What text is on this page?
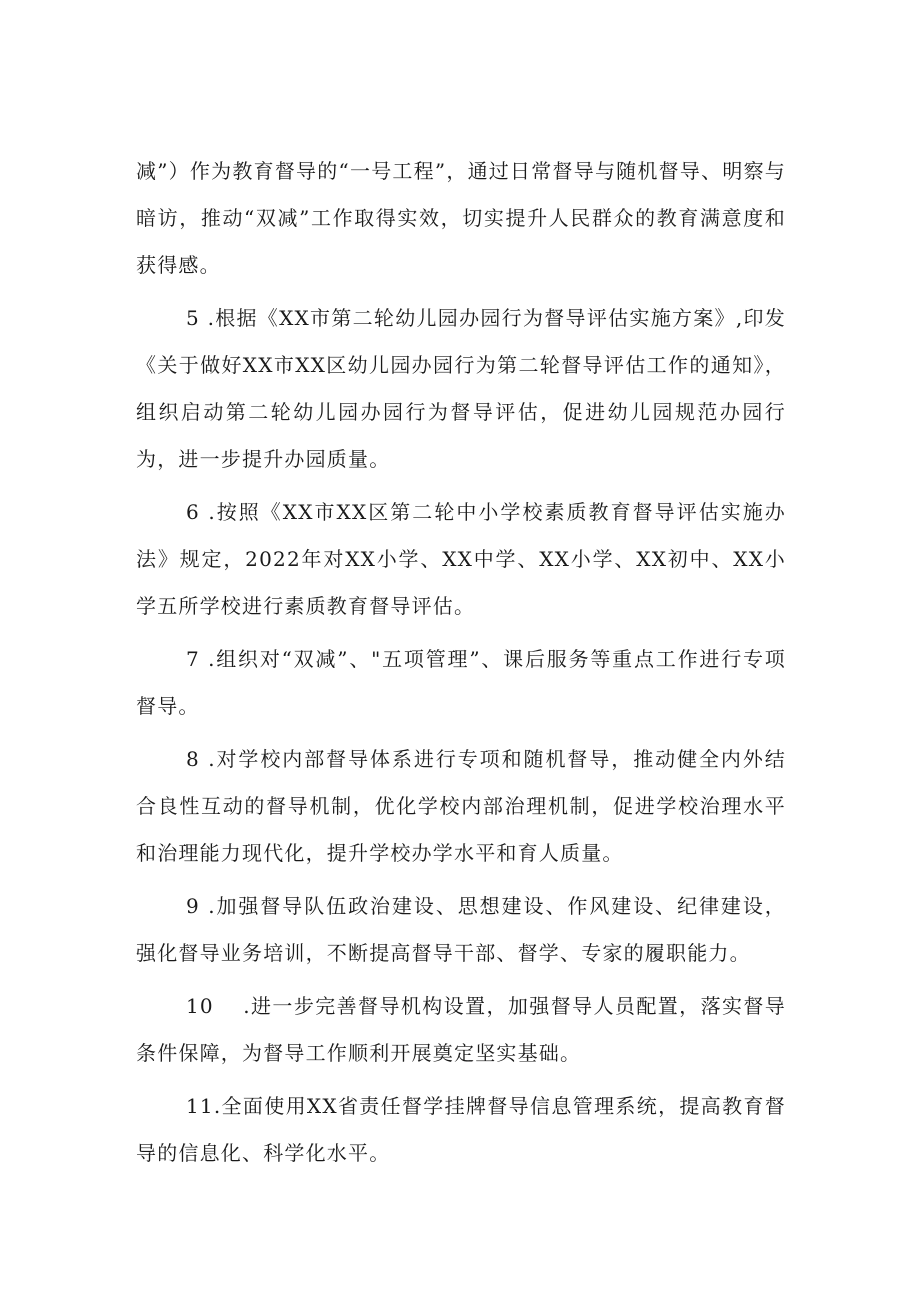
减”）作为教育督导的“一号工程”，通过日常督导与随机督导、明察与暗访，推动“双减”工作取得实效，切实提升人民群众的教育满意度和获得感。

5 .根据《XX市第二轮幼儿园办园行为督导评估实施方案》,印发《关于做好XX市XX区幼儿园办园行为第二轮督导评估工作的通知》，组织启动第二轮幼儿园办园行为督导评估，促进幼儿园规范办园行为，进一步提升办园质量。

6 .按照《XX市XX区第二轮中小学校素质教育督导评估实施办法》规定，2022年对XX小学、XX中学、XX小学、XX初中、XX小学五所学校进行素质教育督导评估。

7 .组织对“双减”、"五项管理”、课后服务等重点工作进行专项督导。

8 .对学校内部督导体系进行专项和随机督导，推动健全内外结合良性互动的督导机制，优化学校内部治理机制，促进学校治理水平和治理能力现代化，提升学校办学水平和育人质量。

9 .加强督导队伍政治建设、思想建设、作风建设、纪律建设，强化督导业务培训，不断提高督导干部、督学、专家的履职能力。

10　 .进一步完善督导机构设置，加强督导人员配置，落实督导条件保障，为督导工作顺利开展奠定坚实基础。

11.全面使用XX省责任督学挂牌督导信息管理系统，提高教育督导的信息化、科学化水平。
